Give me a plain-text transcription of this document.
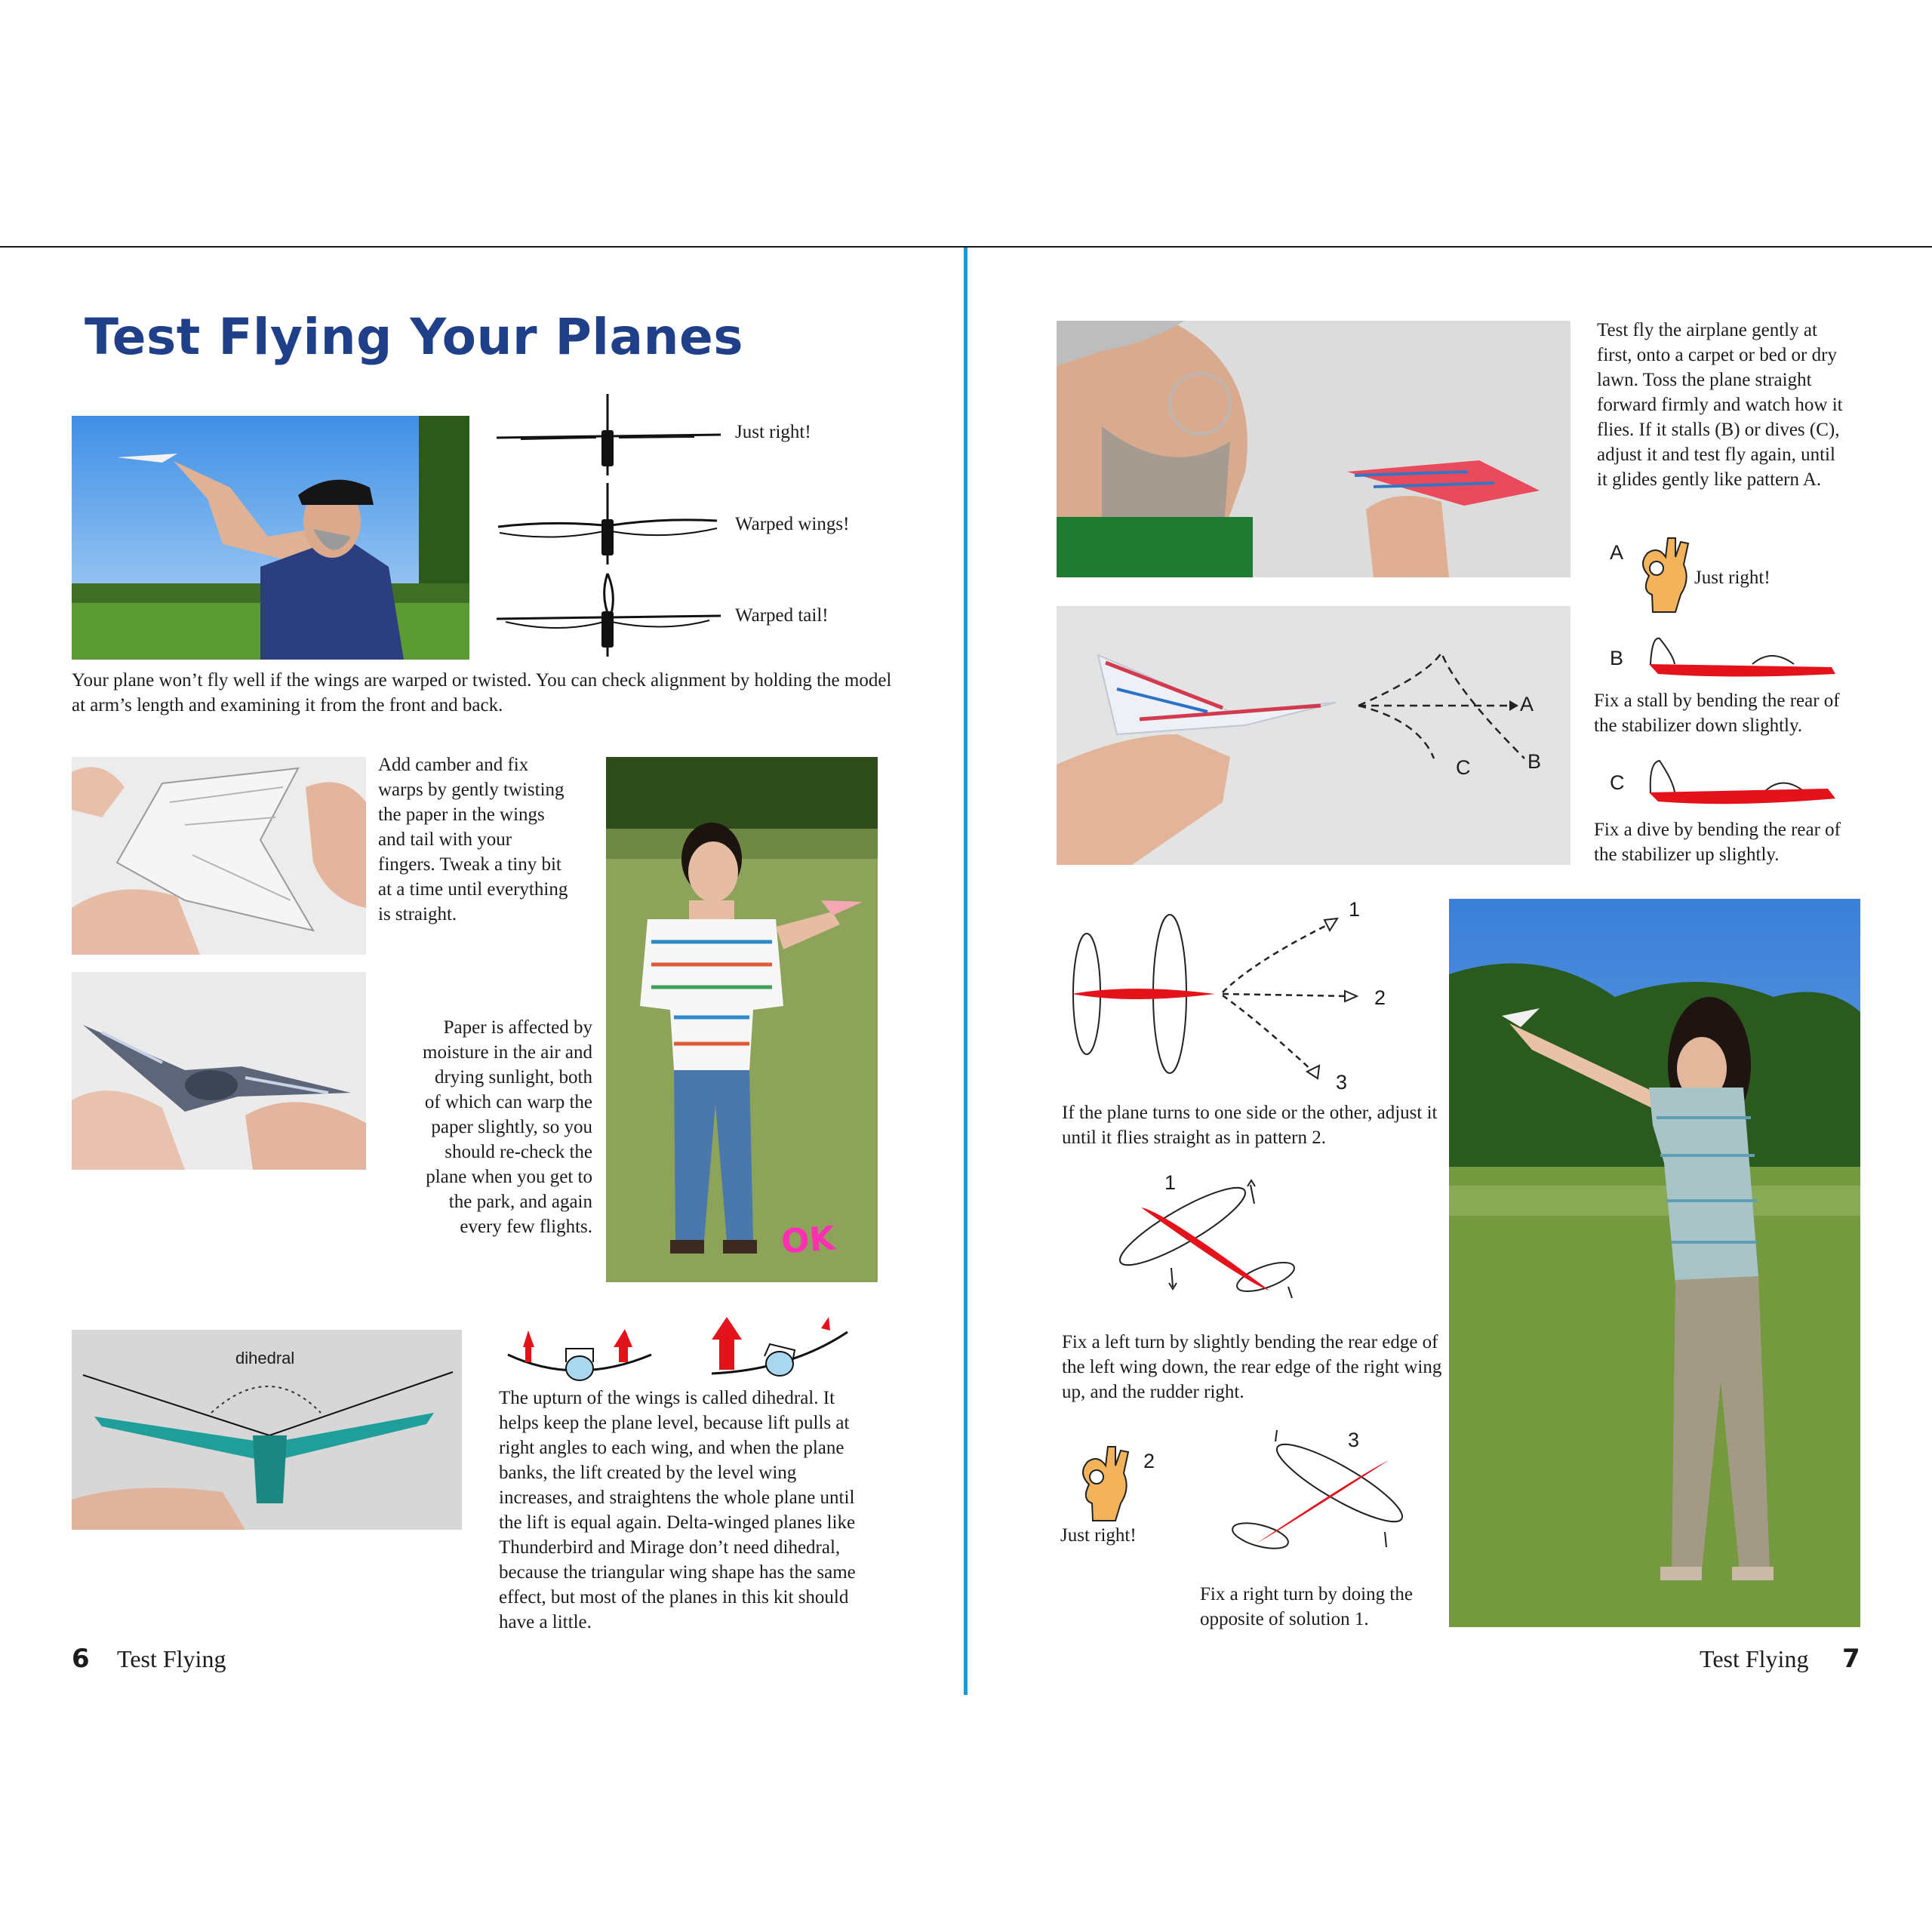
Test Flying Your Planes
Just right!
Warped wings!
Warped tail!
Your plane won’t fly well if the wings are warped or twisted. You can check alignment by holding the model at arm’s length and examining it from the front and back.
Add camber and fix warps by gently twisting the paper in the wings and tail with your fingers. Tweak a tiny bit at a time until everything is straight.
OK
Paper is affected by moisture in the air and drying sunlight, both of which can warp the paper slightly, so you should re-check the plane when you get to the park, and again every few flights.
dihedral
The upturn of the wings is called dihedral. It helps keep the plane level, because lift pulls at right angles to each wing, and when the plane banks, the lift created by the level wing increases, and straightens the whole plane until the lift is equal again. Delta-winged planes like Thunderbird and Mirage don’t need dihedral, because the triangular wing shape has the same effect, but most of the planes in this kit should have a little.
6 Test Flying
Test fly the airplane gently at first, onto a carpet or bed or dry lawn. Toss the plane straight forward firmly and watch how it flies. If it stalls (B) or dives (C), adjust it and test fly again, until it glides gently like pattern A.
A
B
C
A
Just right!
B
Fix a stall by bending the rear of the stabilizer down slightly.
C
Fix a dive by bending the rear of the stabilizer up slightly.
1
2
3
If the plane turns to one side or the other, adjust it until it flies straight as in pattern 2.
1
Fix a left turn by slightly bending the rear edge of the left wing down, the rear edge of the right wing up, and the rudder right.
2
Just right!
3
Fix a right turn by doing the opposite of solution 1.
Test Flying 7
